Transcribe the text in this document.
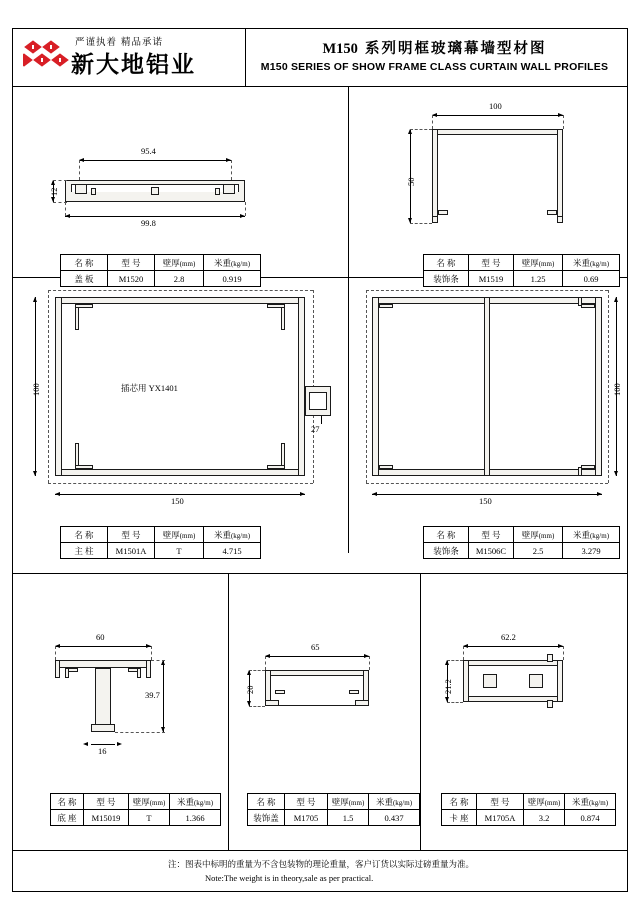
严谨执着 精品承诺
新大地铝业
M150 系列明框玻璃幕墙型材图
M150 SERIES OF SHOW FRAME CLASS CURTAIN WALL PROFILES
95.4
12
99.8
名 称	型 号	壁厚(mm)	米重(kg/m)
盖 板	M1520	2.8	0.919
100
50
名 称	型 号	壁厚(mm)	米重(kg/m)
装饰条	M1519	1.25	0.69
插芯用 YX1401
100
150
27
名 称	型 号	壁厚(mm)	米重(kg/m)
主 柱	M1501A	T	4.715
100
150
名 称	型 号	壁厚(mm)	米重(kg/m)
装饰条	M1506C	2.5	3.279
60
39.7
16
名 称	型 号	壁厚(mm)	米重(kg/m)
底 座	M15019	T	1.366
65
20
名 称	型 号	壁厚(mm)	米重(kg/m)
装饰盖	M1705	1.5	0.437
62.2
21.2
名 称	型 号	壁厚(mm)	米重(kg/m)
卡 座	M1705A	3.2	0.874
注：图表中标明的重量为不含包装物的理论重量，客户订货以实际过磅重量为准。
Note:The weight is in theory,sale as per practical.
